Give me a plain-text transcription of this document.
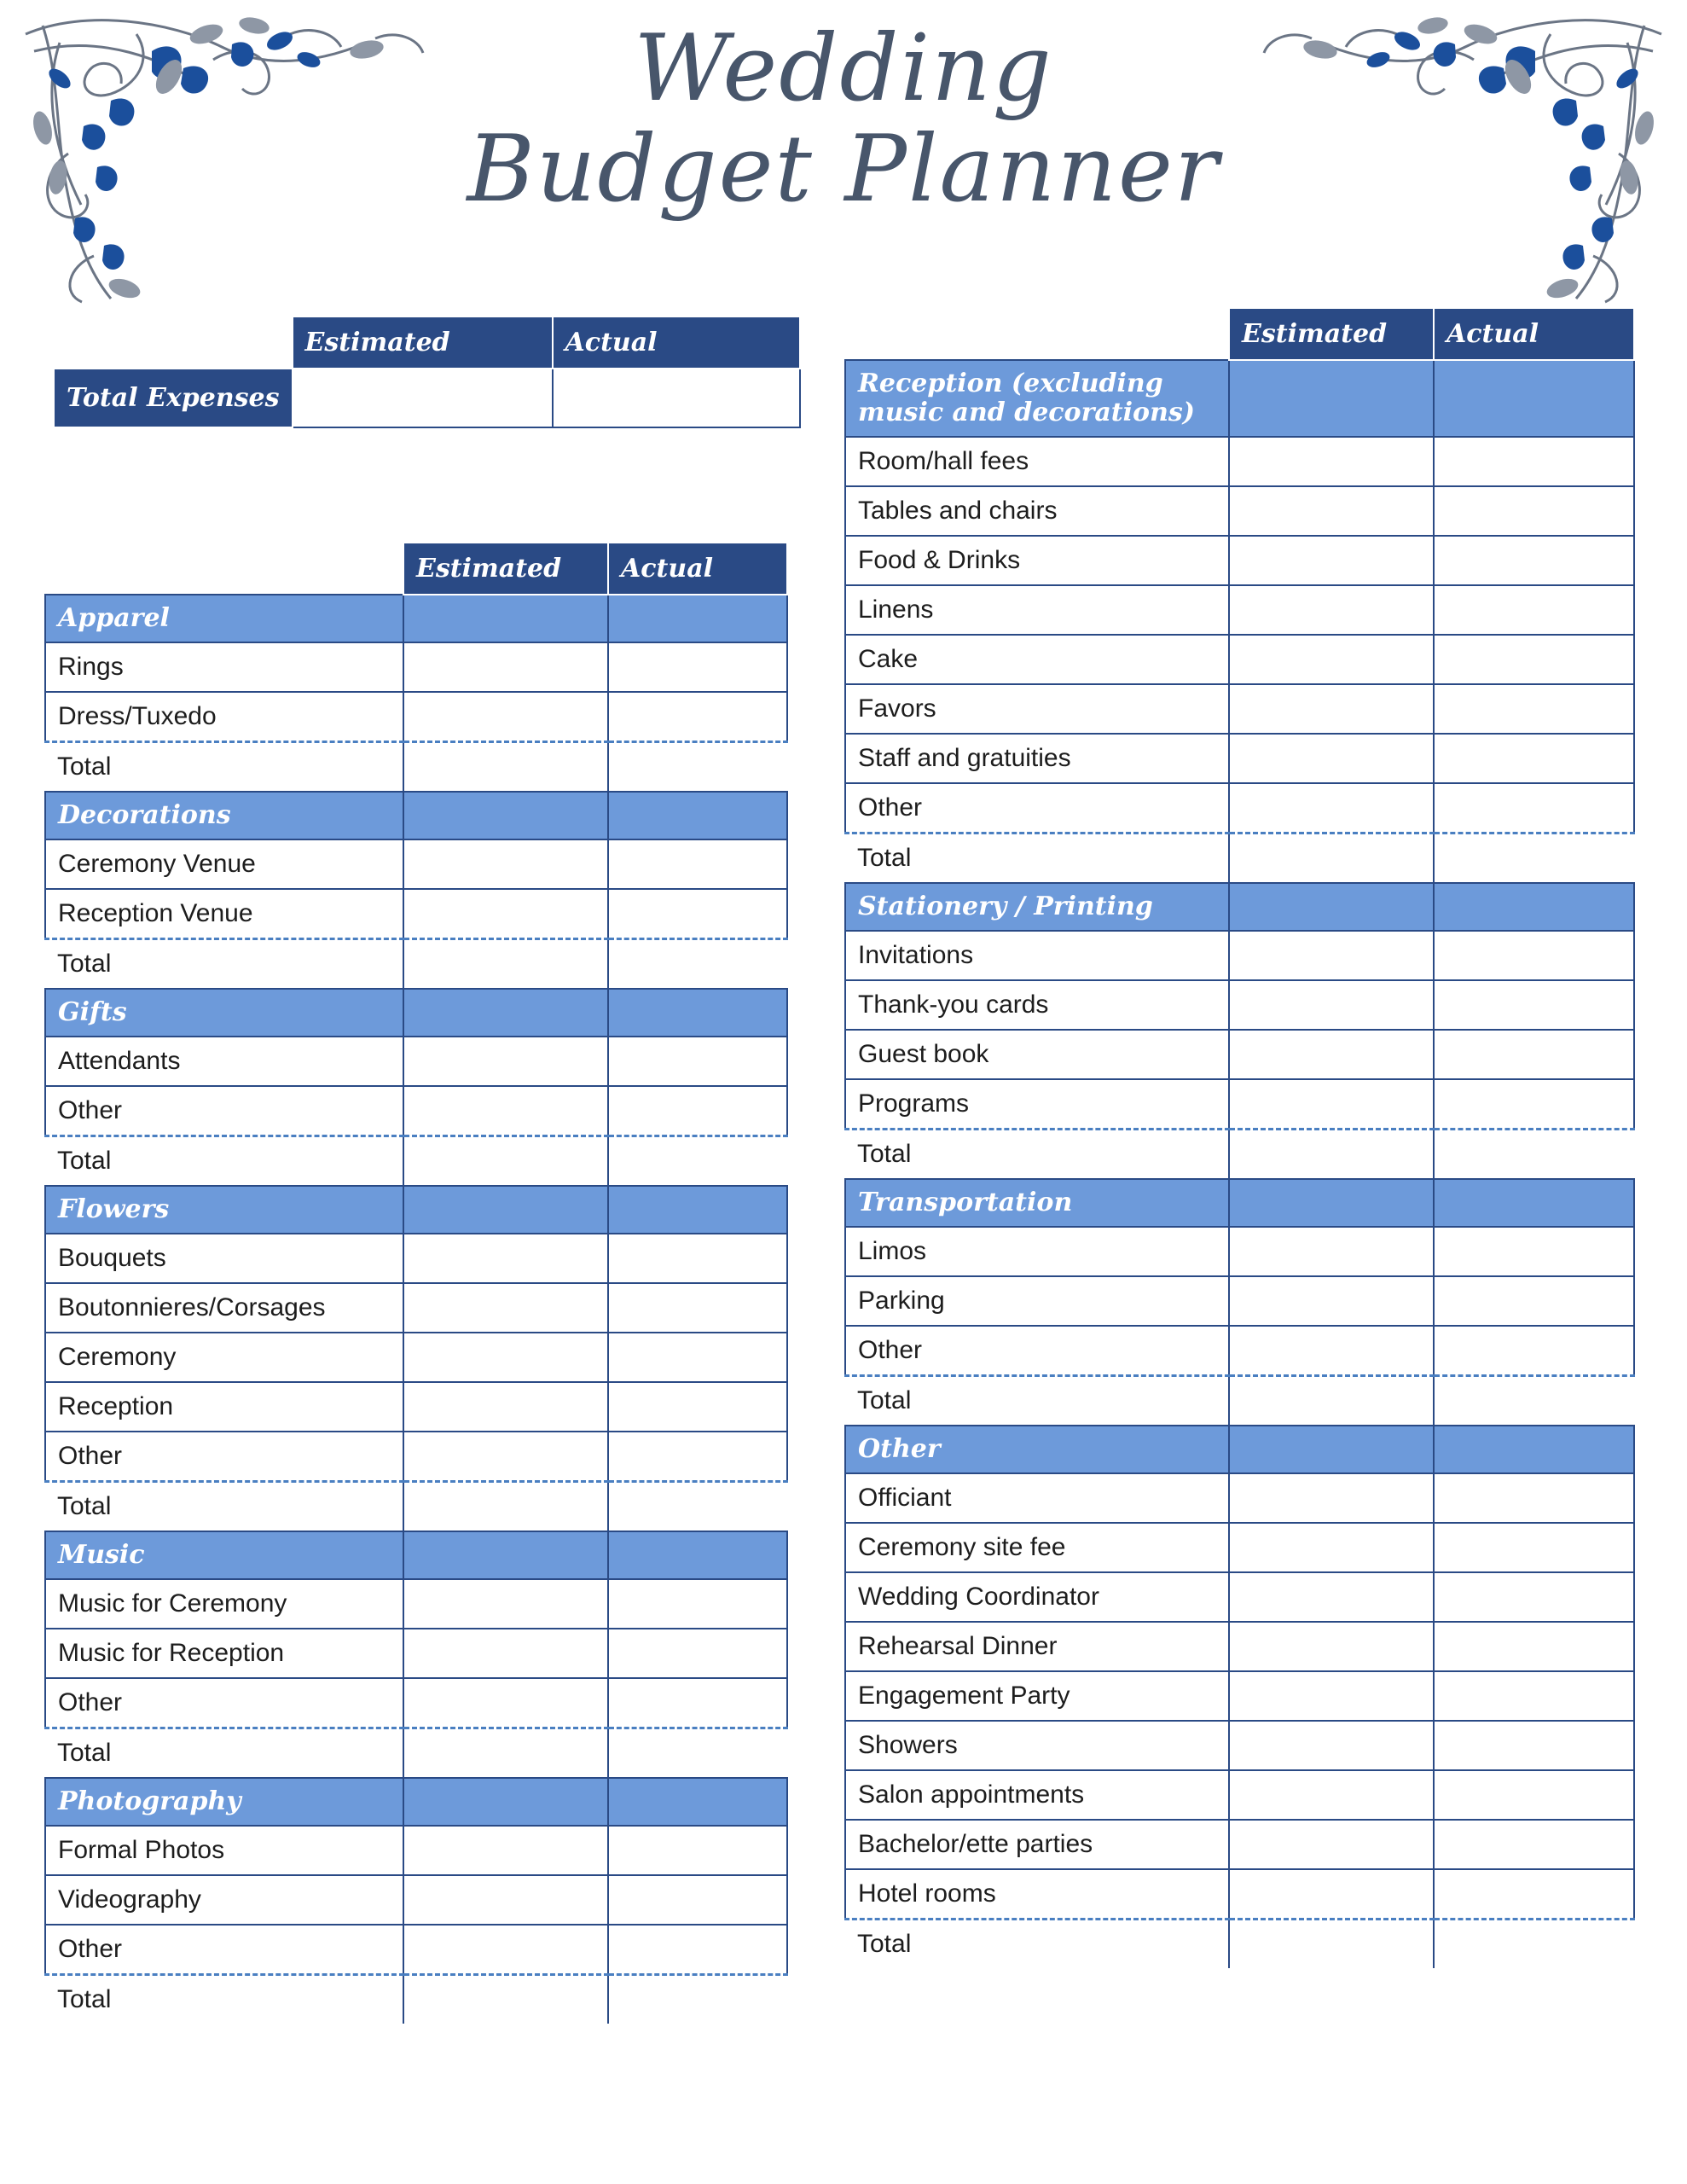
Wedding
Budget Planner
	Estimated	Actual
Total Expenses		
	Estimated	Actual
Apparel		
Rings		
Dress/Tuxedo		
Total		
Decorations		
Ceremony Venue		
Reception Venue		
Total		
Gifts		
Attendants		
Other		
Total		
Flowers		
Bouquets		
Boutonnieres/Corsages		
Ceremony		
Reception		
Other		
Total		
Music		
Music for Ceremony		
Music for Reception		
Other		
Total		
Photography		
Formal Photos		
Videography		
Other		
Total		
	Estimated	Actual
Reception (excluding music and decorations)		
Room/hall fees		
Tables and chairs		
Food & Drinks		
Linens		
Cake		
Favors		
Staff and gratuities		
Other		
Total		
Stationery / Printing		
Invitations		
Thank-you cards		
Guest book		
Programs		
Total		
Transportation		
Limos		
Parking		
Other		
Total		
Other		
Officiant		
Ceremony site fee		
Wedding Coordinator		
Rehearsal Dinner		
Engagement Party		
Showers		
Salon appointments		
Bachelor/ette parties		
Hotel rooms		
Total		
